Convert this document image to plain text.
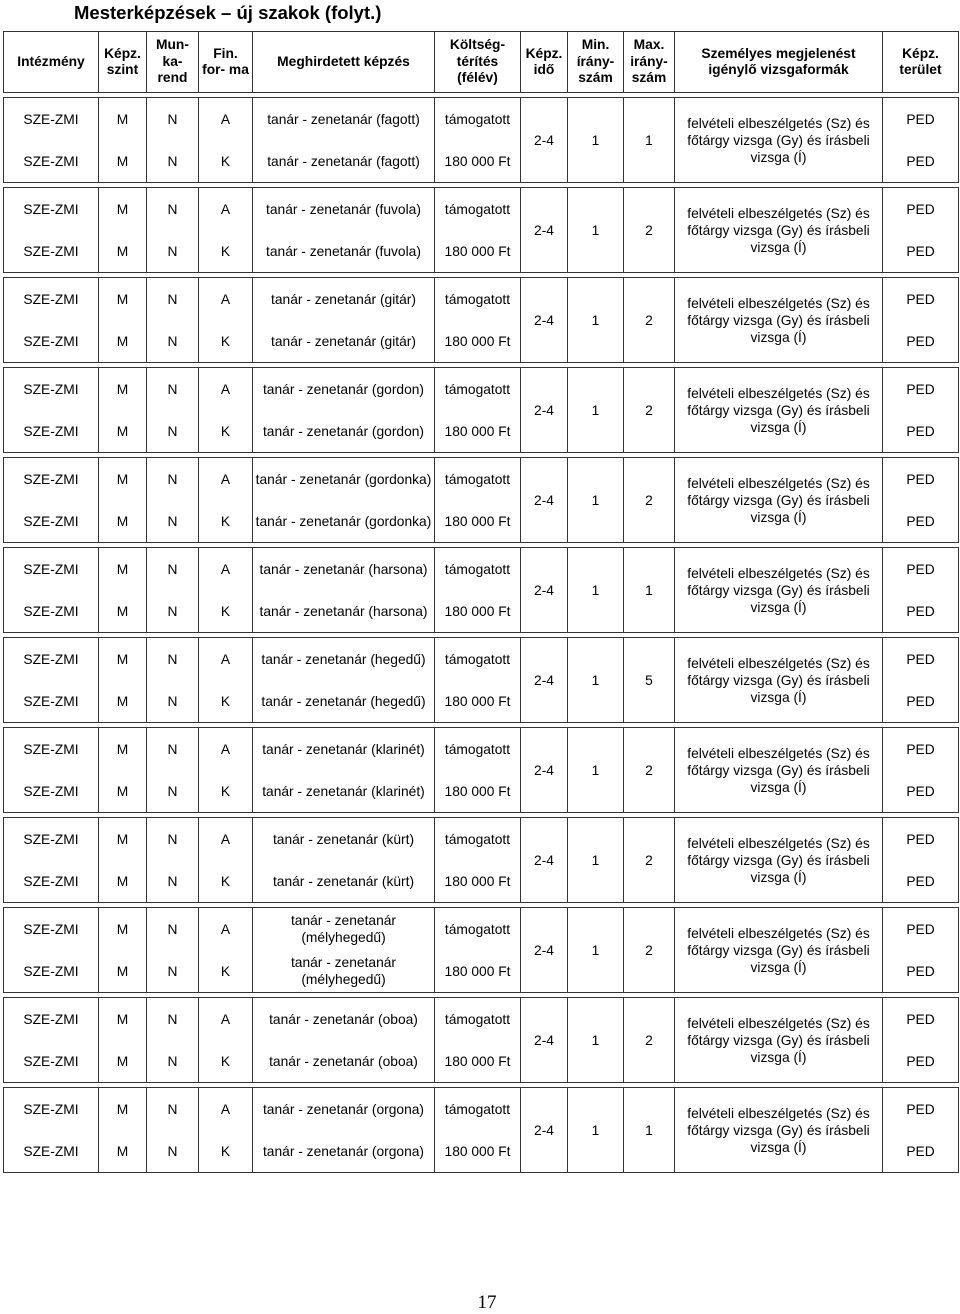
Mesterképzések – új szakok (folyt.)
Intézmény	Képz. szint	Mun- ka- rend	Fin. for- ma	Meghirdetett képzés	Költség- térítés (félév)	Képz. idő	Min. írány- szám	Max. irány- szám	Személyes megjelenést igénylő vizsgaformák	Képz. terület

SZE-ZMI	M	N	A	tanár - zenetanár (fagott)	támogatott	2-4	1	1	felvételi elbeszélgetés (Sz) és főtárgy vizsga (Gy) és írásbeli vizsga (Í)	PED
SZE-ZMI	M	N	K	tanár - zenetanár (fagott)	180 000 Ft					PED

SZE-ZMI	M	N	A	tanár - zenetanár (fuvola)	támogatott	2-4	1	2	felvételi elbeszélgetés (Sz) és főtárgy vizsga (Gy) és írásbeli vizsga (Í)	PED
SZE-ZMI	M	N	K	tanár - zenetanár (fuvola)	180 000 Ft					PED

SZE-ZMI	M	N	A	tanár - zenetanár (gitár)	támogatott	2-4	1	2	felvételi elbeszélgetés (Sz) és főtárgy vizsga (Gy) és írásbeli vizsga (Í)	PED
SZE-ZMI	M	N	K	tanár - zenetanár (gitár)	180 000 Ft					PED

SZE-ZMI	M	N	A	tanár - zenetanár (gordon)	támogatott	2-4	1	2	felvételi elbeszélgetés (Sz) és főtárgy vizsga (Gy) és írásbeli vizsga (Í)	PED
SZE-ZMI	M	N	K	tanár - zenetanár (gordon)	180 000 Ft					PED

SZE-ZMI	M	N	A	tanár - zenetanár (gordonka)	támogatott	2-4	1	2	felvételi elbeszélgetés (Sz) és főtárgy vizsga (Gy) és írásbeli vizsga (Í)	PED
SZE-ZMI	M	N	K	tanár - zenetanár (gordonka)	180 000 Ft					PED

SZE-ZMI	M	N	A	tanár - zenetanár (harsona)	támogatott	2-4	1	1	felvételi elbeszélgetés (Sz) és főtárgy vizsga (Gy) és írásbeli vizsga (Í)	PED
SZE-ZMI	M	N	K	tanár - zenetanár (harsona)	180 000 Ft					PED

SZE-ZMI	M	N	A	tanár - zenetanár (hegedű)	támogatott	2-4	1	5	felvételi elbeszélgetés (Sz) és főtárgy vizsga (Gy) és írásbeli vizsga (Í)	PED
SZE-ZMI	M	N	K	tanár - zenetanár (hegedű)	180 000 Ft					PED

SZE-ZMI	M	N	A	tanár - zenetanár (klarinét)	támogatott	2-4	1	2	felvételi elbeszélgetés (Sz) és főtárgy vizsga (Gy) és írásbeli vizsga (Í)	PED
SZE-ZMI	M	N	K	tanár - zenetanár (klarinét)	180 000 Ft					PED

SZE-ZMI	M	N	A	tanár - zenetanár (kürt)	támogatott	2-4	1	2	felvételi elbeszélgetés (Sz) és főtárgy vizsga (Gy) és írásbeli vizsga (Í)	PED
SZE-ZMI	M	N	K	tanár - zenetanár (kürt)	180 000 Ft					PED

SZE-ZMI	M	N	A	tanár - zenetanár (mélyhegedű)	támogatott	2-4	1	2	felvételi elbeszélgetés (Sz) és főtárgy vizsga (Gy) és írásbeli vizsga (Í)	PED
SZE-ZMI	M	N	K	tanár - zenetanár (mélyhegedű)	180 000 Ft					PED

SZE-ZMI	M	N	A	tanár - zenetanár (oboa)	támogatott	2-4	1	2	felvételi elbeszélgetés (Sz) és főtárgy vizsga (Gy) és írásbeli vizsga (Í)	PED
SZE-ZMI	M	N	K	tanár - zenetanár (oboa)	180 000 Ft					PED

SZE-ZMI	M	N	A	tanár - zenetanár (orgona)	támogatott	2-4	1	1	felvételi elbeszélgetés (Sz) és főtárgy vizsga (Gy) és írásbeli vizsga (Í)	PED
SZE-ZMI	M	N	K	tanár - zenetanár (orgona)	180 000 Ft					PED
17
